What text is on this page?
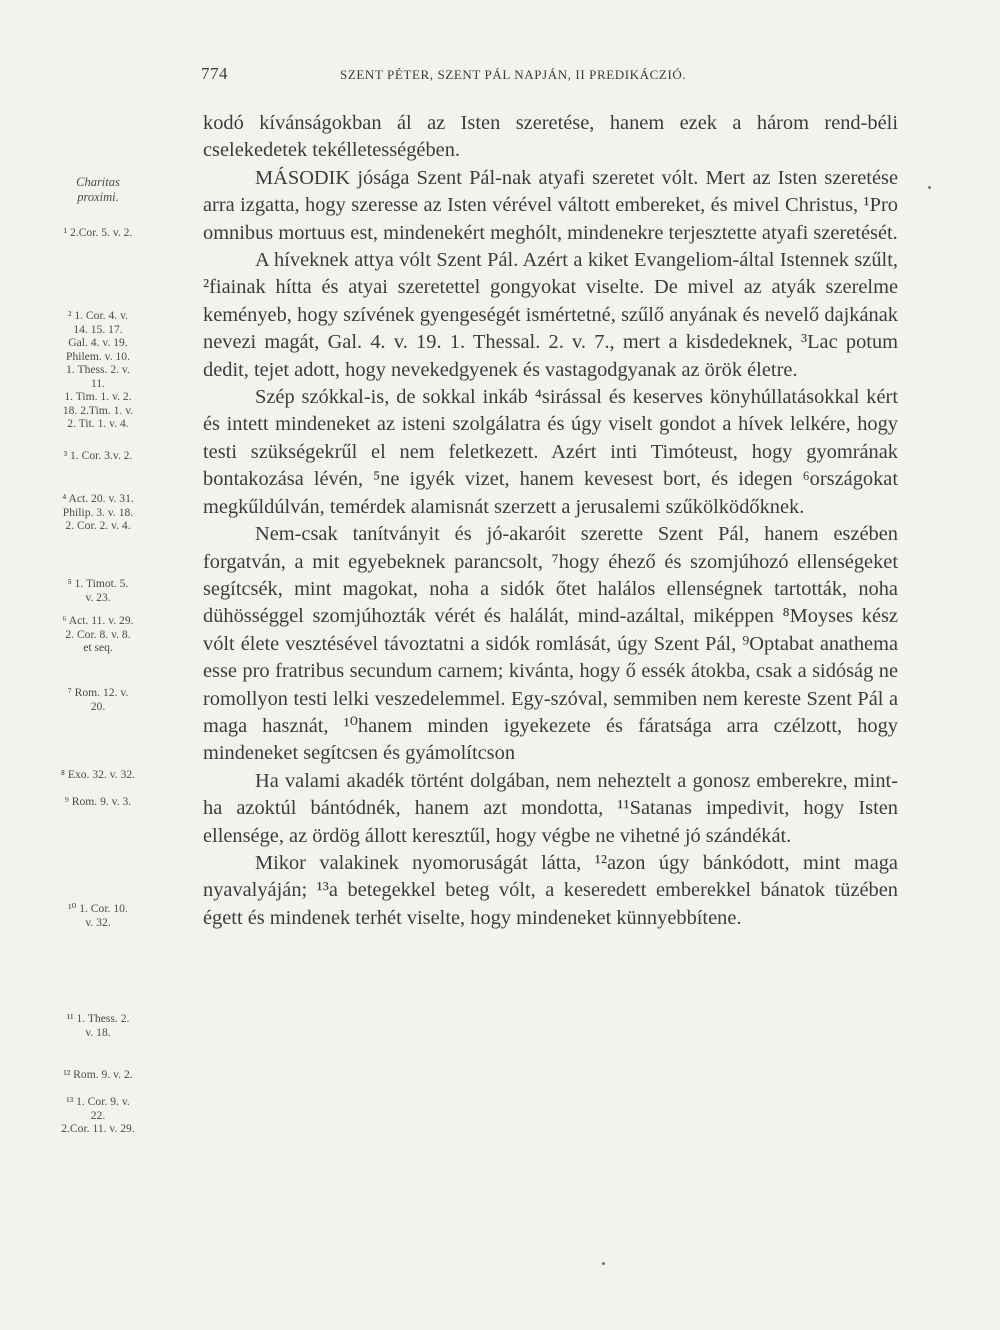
774	SZENT PÉTER, SZENT PÁL NAPJÁN, II PREDIKÁCZIÓ.
Charitas
proximi.
¹ 2.Cor. 5. v. 2.
² 1. Cor. 4. v.
14. 15. 17.
Gal. 4. v. 19.
Philem. v. 10.
1. Thess. 2. v.
11.
1. Tim. 1. v. 2.
18. 2.Tim. 1. v.
2. Tit. 1. v. 4.
³ 1. Cor. 3.v. 2.
⁴ Act. 20. v. 31.
Philip. 3. v. 18.
2. Cor. 2. v. 4.
⁵ 1. Timot. 5.
v. 23.
⁶ Act. 11. v. 29.
2. Cor. 8. v. 8.
et seq.
⁷ Rom. 12. v.
20.
⁸ Exo. 32. v. 32.
⁹ Rom. 9. v. 3.
¹⁰ 1. Cor. 10.
v. 32.
¹¹ 1. Thess. 2.
v. 18.
¹² Rom. 9. v. 2.
¹³ 1. Cor. 9. v.
22.
2.Cor. 11. v. 29.

kodó kívánságokban ál az Isten szeretése, hanem ezek a három rend-béli cselekedetek tekélletességében.

MÁSODIK jósága Szent Pál-nak atyafi szeretet vólt. Mert az Isten szeretése arra izgatta, hogy szeresse az Isten vérével váltott embereket, és mivel Christus, ¹Pro omnibus mortuus est, mindenekért meghólt, mindenekre terjesztette atyafi szeretését.

A híveknek attya vólt Szent Pál. Azért a kiket Evangeliom-által Istennek szűlt, ²fiainak hítta és atyai szeretettel gongyokat viselte. De mivel az atyák szerelme keményeb, hogy szívének gyengeségét ismértetné, szűlő anyának és nevelő dajkának nevezi magát, Gal. 4. v. 19. 1. Thessal. 2. v. 7., mert a kisdedeknek, ³Lac potum dedit, tejet adott, hogy nevekedgyenek és vastagodgyanak az örök életre.

Szép szókkal-is, de sokkal inkáb ⁴sirással és keserves könyhúllatásokkal kért és intett mindeneket az isteni szolgálatra és úgy viselt gondot a hívek lelkére, hogy testi szükségekrűl el nem feletkezett. Azért inti Timóteust, hogy gyomrának bontakozása lévén, ⁵ne igyék vizet, hanem kevesest bort, és idegen ⁶országokat megkűldúlván, temérdek alamisnát szerzett a jerusalemi szűkölködőknek.

Nem-csak tanítványit és jó-akaróit szerette Szent Pál, hanem eszében forgatván, a mit egyebeknek parancsolt, ⁷hogy éhező és szomjúhozó ellenségeket segítcsék, mint magokat, noha a sidók őtet halálos ellenségnek tartották, noha dühösséggel szomjúhozták vérét és halálát, mind-azáltal, miképpen ⁸Moyses kész vólt élete vesztésével távoztatni a sidók romlását, úgy Szent Pál, ⁹Optabat anathema esse pro fratribus secundum carnem; kivánta, hogy ő essék átokba, csak a sidóság ne romollyon testi lelki veszedelemmel. Egy-szóval, semmiben nem kereste Szent Pál a maga hasznát, ¹⁰hanem minden igyekezete és fáratsága arra czélzott, hogy mindeneket segítcsen és gyámolítcson

Ha valami akadék történt dolgában, nem neheztelt a gonosz emberekre, mint-ha azoktúl bántódnék, hanem azt mondotta, ¹¹Satanas impedivit, hogy Isten ellensége, az ördög állott keresztűl, hogy végbe ne vihetné jó szándékát.

Mikor valakinek nyomoruságát látta, ¹²azon úgy bánkódott, mint maga nyavalyáján; ¹³a betegekkel beteg vólt, a keseredett emberekkel bánatok tüzében égett és mindenek terhét viselte, hogy mindeneket künnyebbítene.
